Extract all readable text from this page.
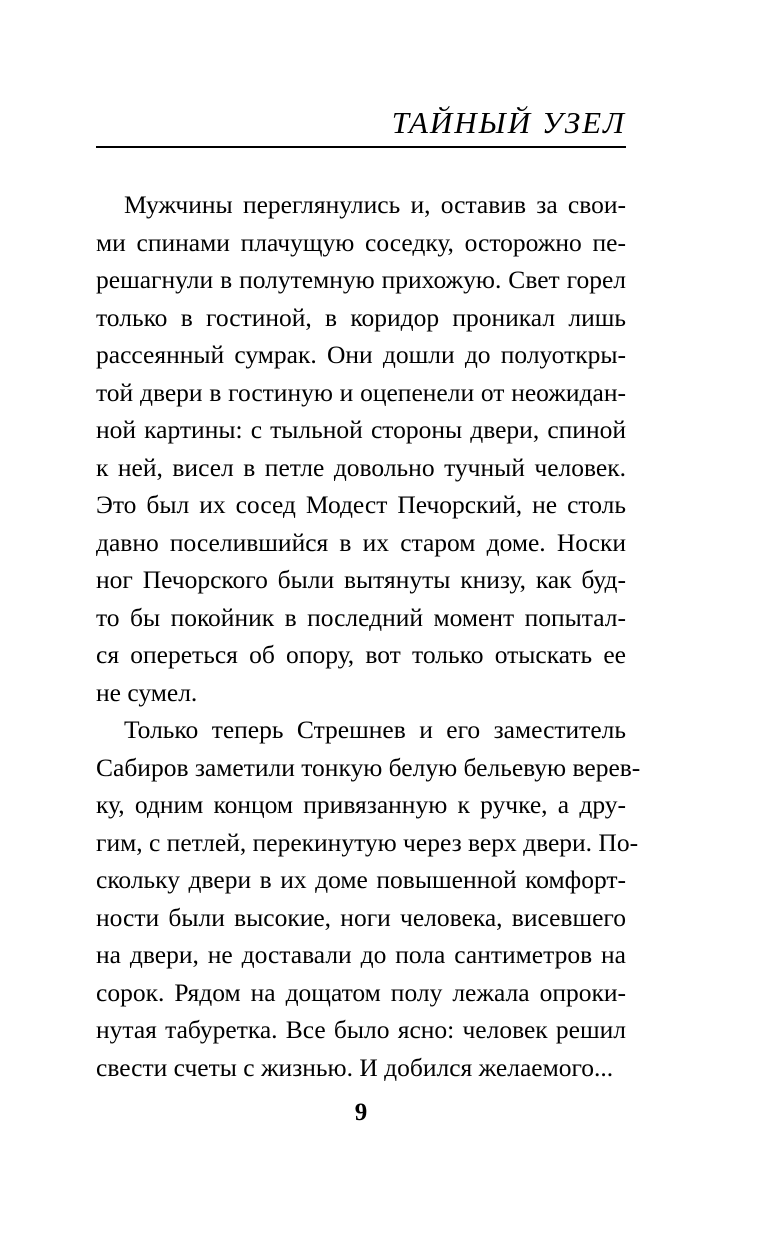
ТАЙНЫЙ УЗЕЛ
Мужчины переглянулись и, оставив за свои-
ми спинами плачущую соседку, осторожно пе-
решагнули в полутемную прихожую. Свет горел
только в гостиной, в коридор проникал лишь
рассеянный сумрак. Они дошли до полуоткры-
той двери в гостиную и оцепенели от неожидан-
ной картины: с тыльной стороны двери, спиной
к ней, висел в петле довольно тучный человек.
Это был их сосед Модест Печорский, не столь
давно поселившийся в их старом доме. Носки
ног Печорского были вытянуты книзу, как буд-
то бы покойник в последний момент попытал-
ся опереться об опору, вот только отыскать ее
не сумел.
Только теперь Стрешнев и его заместитель
Сабиров заметили тонкую белую бельевую верев-
ку, одним концом привязанную к ручке, а дру-
гим, с петлей, перекинутую через верх двери. По-
скольку двери в их доме повышенной комфорт-
ности были высокие, ноги человека, висевшего
на двери, не доставали до пола сантиметров на
сорок. Рядом на дощатом полу лежала опроки-
нутая табуретка. Все было ясно: человек решил
свести счеты с жизнью. И добился желаемого...
9
